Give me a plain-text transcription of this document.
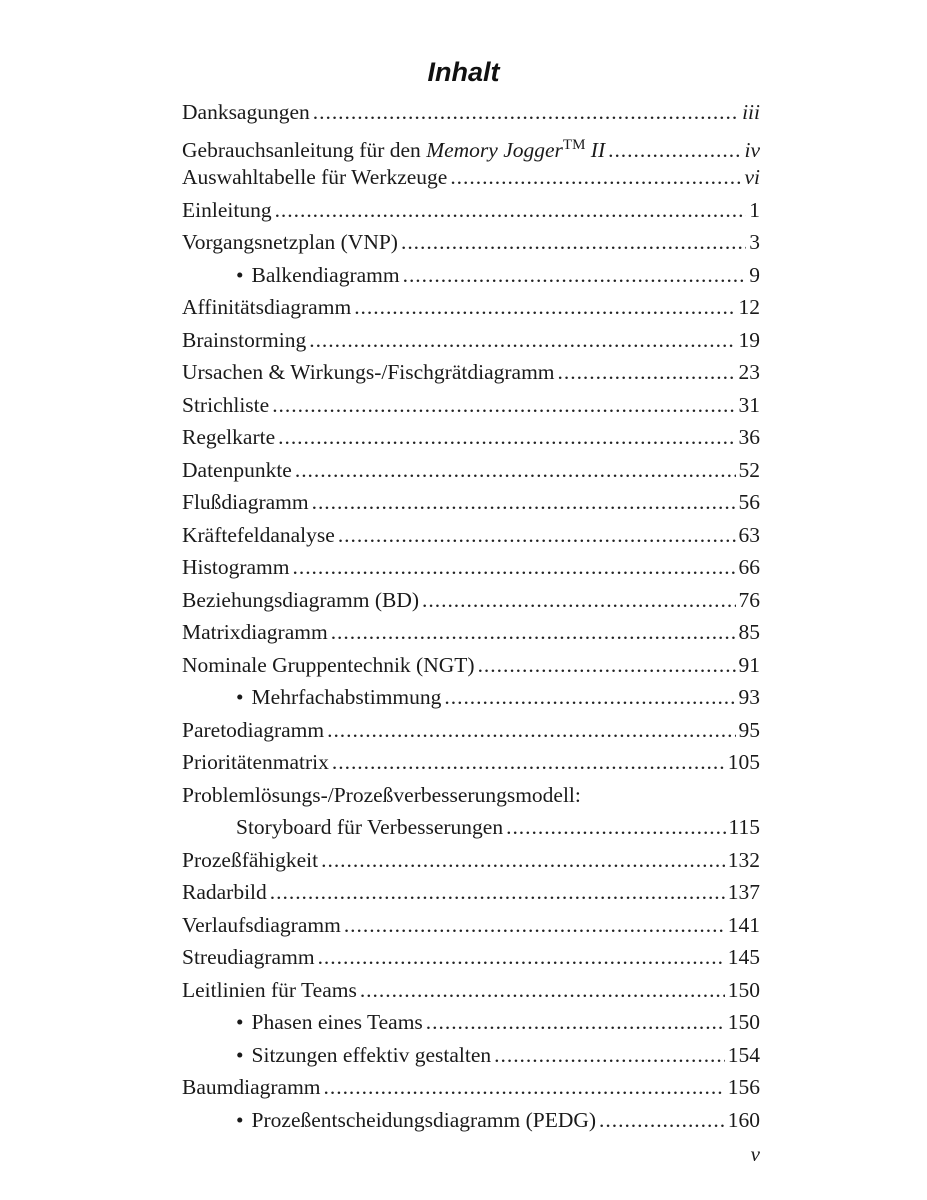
Inhalt
Danksagungen . . .	iii
Gebrauchsanleitung für den Memory Jogger™ II . . .	iv
Auswahltabelle für Werkzeuge . . .	vi
Einleitung . . .	1
Vorgangsnetzplan (VNP) . . .	3
• Balkendiagramm . . .	9
Affinitätsdiagramm . . .	12
Brainstorming . . .	19
Ursachen & Wirkungs-/Fischgrätdiagramm . . .	23
Strichliste . . .	31
Regelkarte . . .	36
Datenpunkte . . .	52
Flußdiagramm . . .	56
Kräftefeldanalyse . . .	63
Histogramm . . .	66
Beziehungsdiagramm (BD) . . .	76
Matrixdiagramm . . .	85
Nominale Gruppentechnik (NGT) . . .	91
• Mehrfachabstimmung . . .	93
Paretodiagramm . . .	95
Prioritätenmatrix . . .	105
Problemlösungs-/Prozeßverbesserungsmodell:
Storyboard für Verbesserungen . . .	115
Prozeßfähigkeit . . .	132
Radarbild . . .	137
Verlaufsdiagramm . . .	141
Streudiagramm . . .	145
Leitlinien für Teams . . .	150
• Phasen eines Teams . . .	150
• Sitzungen effektiv gestalten . . .	154
Baumdiagramm . . .	156
• Prozeßentscheidungsdiagramm (PEDG) . . .	160
v
